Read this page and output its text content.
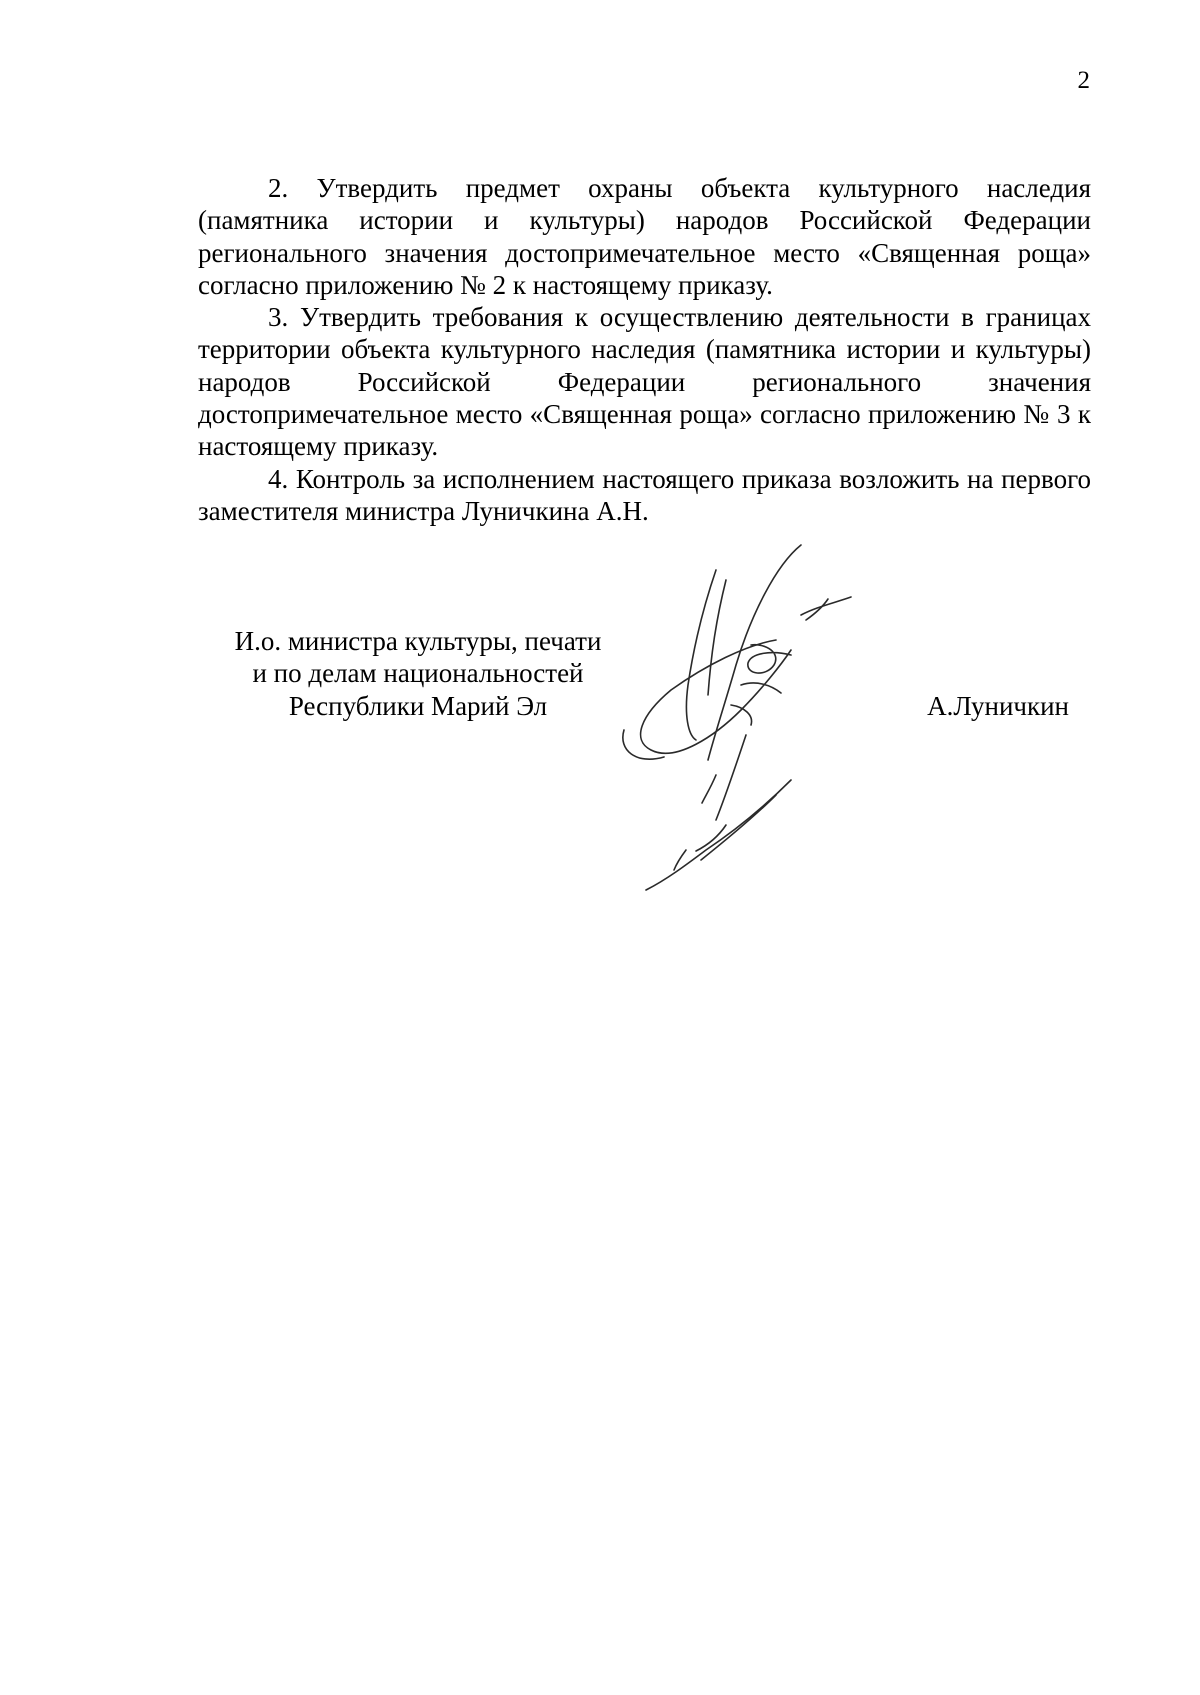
2

2. Утвердить предмет охраны объекта культурного наследия (памятника истории и культуры) народов Российской Федерации регионального значения достопримечательное место «Священная роща» согласно приложению № 2 к настоящему приказу.

3. Утвердить требования к осуществлению деятельности в границах территории объекта культурного наследия (памятника истории и культуры) народов Российской Федерации регионального значения достопримечательное место «Священная роща» согласно приложению № 3 к настоящему приказу.

4. Контроль за исполнением настоящего приказа возложить на первого заместителя министра Луничкина А.Н.

И.о. министра культуры, печати
и по делам национальностей
Республики Марий Эл	А.Луничкин
